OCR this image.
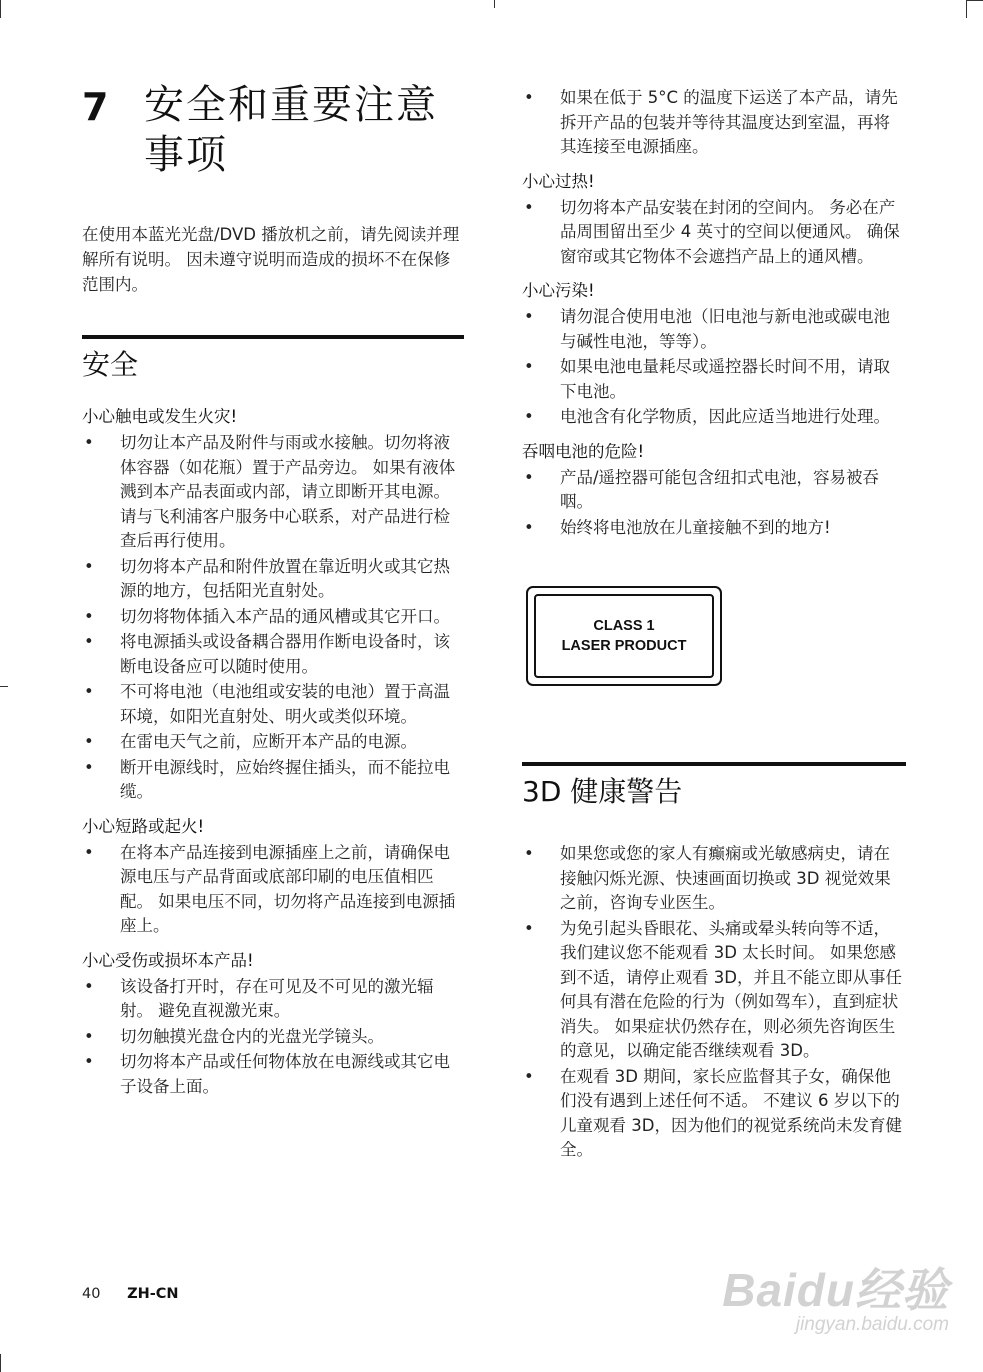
7 安全和重要注意事项

在使用本蓝光光盘/DVD 播放机之前，请先阅读并理解所有说明。 因未遵守说明而造成的损坏不在保修范围内。

安全
小心触电或发生火灾!
• 切勿让本产品及附件与雨或水接触。切勿将液体容器（如花瓶）置于产品旁边。 如果有液体溅到本产品表面或内部，请立即断开其电源。 请与飞利浦客户服务中心联系，对产品进行检查后再行使用。
• 切勿将本产品和附件放置在靠近明火或其它热源的地方，包括阳光直射处。
• 切勿将物体插入本产品的通风槽或其它开口。
• 将电源插头或设备耦合器用作断电设备时，该断电设备应可以随时使用。
• 不可将电池（电池组或安装的电池）置于高温环境，如阳光直射处、明火或类似环境。
• 在雷电天气之前，应断开本产品的电源。
• 断开电源线时，应始终握住插头，而不能拉电缆。
小心短路或起火!
• 在将本产品连接到电源插座上之前，请确保电源电压与产品背面或底部印刷的电压值相匹配。 如果电压不同，切勿将产品连接到电源插座上。
小心受伤或损坏本产品!
• 该设备打开时，存在可见及不可见的激光辐射。 避免直视激光束。
• 切勿触摸光盘仓内的光盘光学镜头。
• 切勿将本产品或任何物体放在电源线或其它电子设备上面。
• 如果在低于 5°C 的温度下运送了本产品，请先拆开产品的包装并等待其温度达到室温，再将其连接至电源插座。
小心过热!
• 切勿将本产品安装在封闭的空间内。 务必在产品周围留出至少 4 英寸的空间以便通风。 确保窗帘或其它物体不会遮挡产品上的通风槽。
小心污染!
• 请勿混合使用电池（旧电池与新电池或碳电池与碱性电池，等等）。
• 如果电池电量耗尽或遥控器长时间不用，请取下电池。
• 电池含有化学物质，因此应适当地进行处理。
吞咽电池的危险!
• 产品/遥控器可能包含纽扣式电池，容易被吞咽。
• 始终将电池放在儿童接触不到的地方!
CLASS 1
LASER PRODUCT
3D 健康警告
• 如果您或您的家人有癫痫或光敏感病史，请在接触闪烁光源、快速画面切换或 3D 视觉效果之前，咨询专业医生。
• 为免引起头昏眼花、头痛或晕头转向等不适，我们建议您不能观看 3D 太长时间。 如果您感到不适，请停止观看 3D，并且不能立即从事任何具有潜在危险的行为（例如驾车），直到症状消失。 如果症状仍然存在，则必须先咨询医生的意见，以确定能否继续观看 3D。
• 在观看 3D 期间，家长应监督其子女，确保他们没有遇到上述任何不适。 不建议 6 岁以下的儿童观看 3D，因为他们的视觉系统尚未发育健全。
40 ZH-CN	Baidu经验
jingyan.baidu.com
